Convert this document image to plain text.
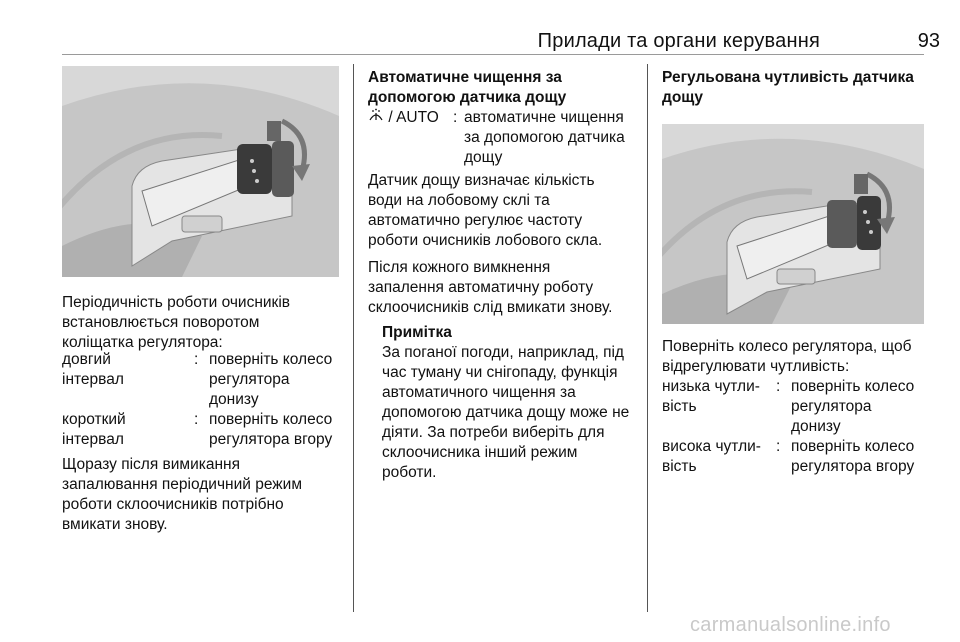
Прилади та органи керування	93
Періодичність роботи очисників
встановлюється поворотом
коліщатка регулятора:
довгий
інтервал
: поверніть колесо
регулятора
донизу
короткий
інтервал
: поверніть колесо
регулятора вгору
Щоразу після вимикання
запалювання періодичний режим
роботи склоочисників потрібно
вмикати знову.
Автоматичне чищення за
допомогою датчика дощу
/ AUTO : автоматичне чищення
за допомогою датчика
дощу
Датчик дощу визначає кількість
води на лобовому склі та
автоматично регулює частоту
роботи очисників лобового скла.
Після кожного вимкнення
запалення автоматичну роботу
склоочисників слід вмикати знову.
Примітка
За поганої погоди, наприклад, під
час туману чи снігопаду, функція
автоматичного чищення за
допомогою датчика дощу може не
діяти. За потреби виберіть для
склоочисника інший режим
роботи.
Регульована чутливість датчика
дощу
Поверніть колесо регулятора, щоб
відрегулювати чутливість:
низька чутли‑
вість
: поверніть колесо
регулятора
донизу
висока чутли‑
вість
: поверніть колесо
регулятора вгору
carmanualsonline.info
